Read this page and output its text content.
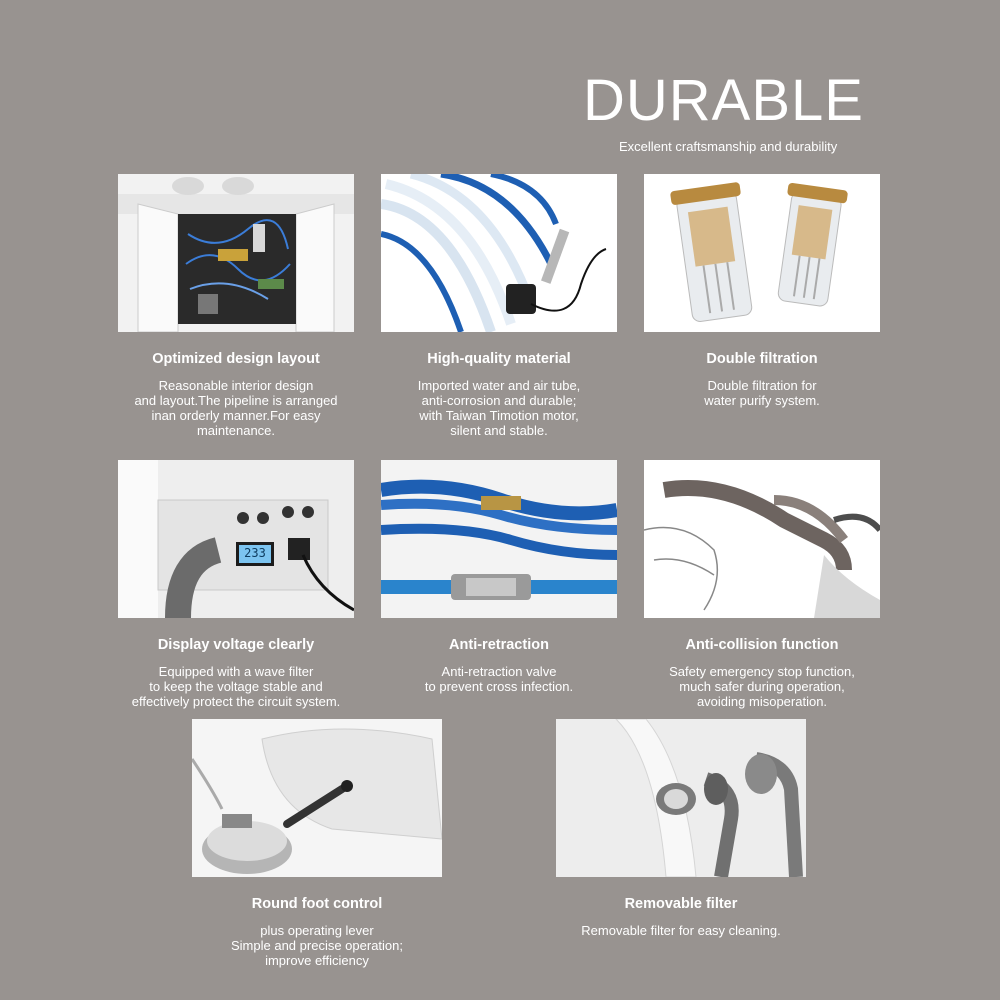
DURABLE
Excellent craftsmanship and durability
Optimized design layout
Reasonable interior design
and layout.The pipeline is arranged
inan orderly manner.For easy
maintenance.
High-quality material
Imported water and air tube,
anti-corrosion and durable;
with Taiwan Timotion motor,
silent and stable.
Double filtration
Double filtration for
water purify system.
233
Display voltage clearly
Equipped with a wave filter
to keep the voltage stable and
effectively protect the circuit system.
Anti-retraction
Anti-retraction valve
to prevent cross infection.
Anti-collision function
Safety emergency stop function,
much safer during operation,
avoiding misoperation.
Round foot control
plus operating lever
Simple and precise operation;
improve efficiency
Removable filter
Removable filter for easy cleaning.
